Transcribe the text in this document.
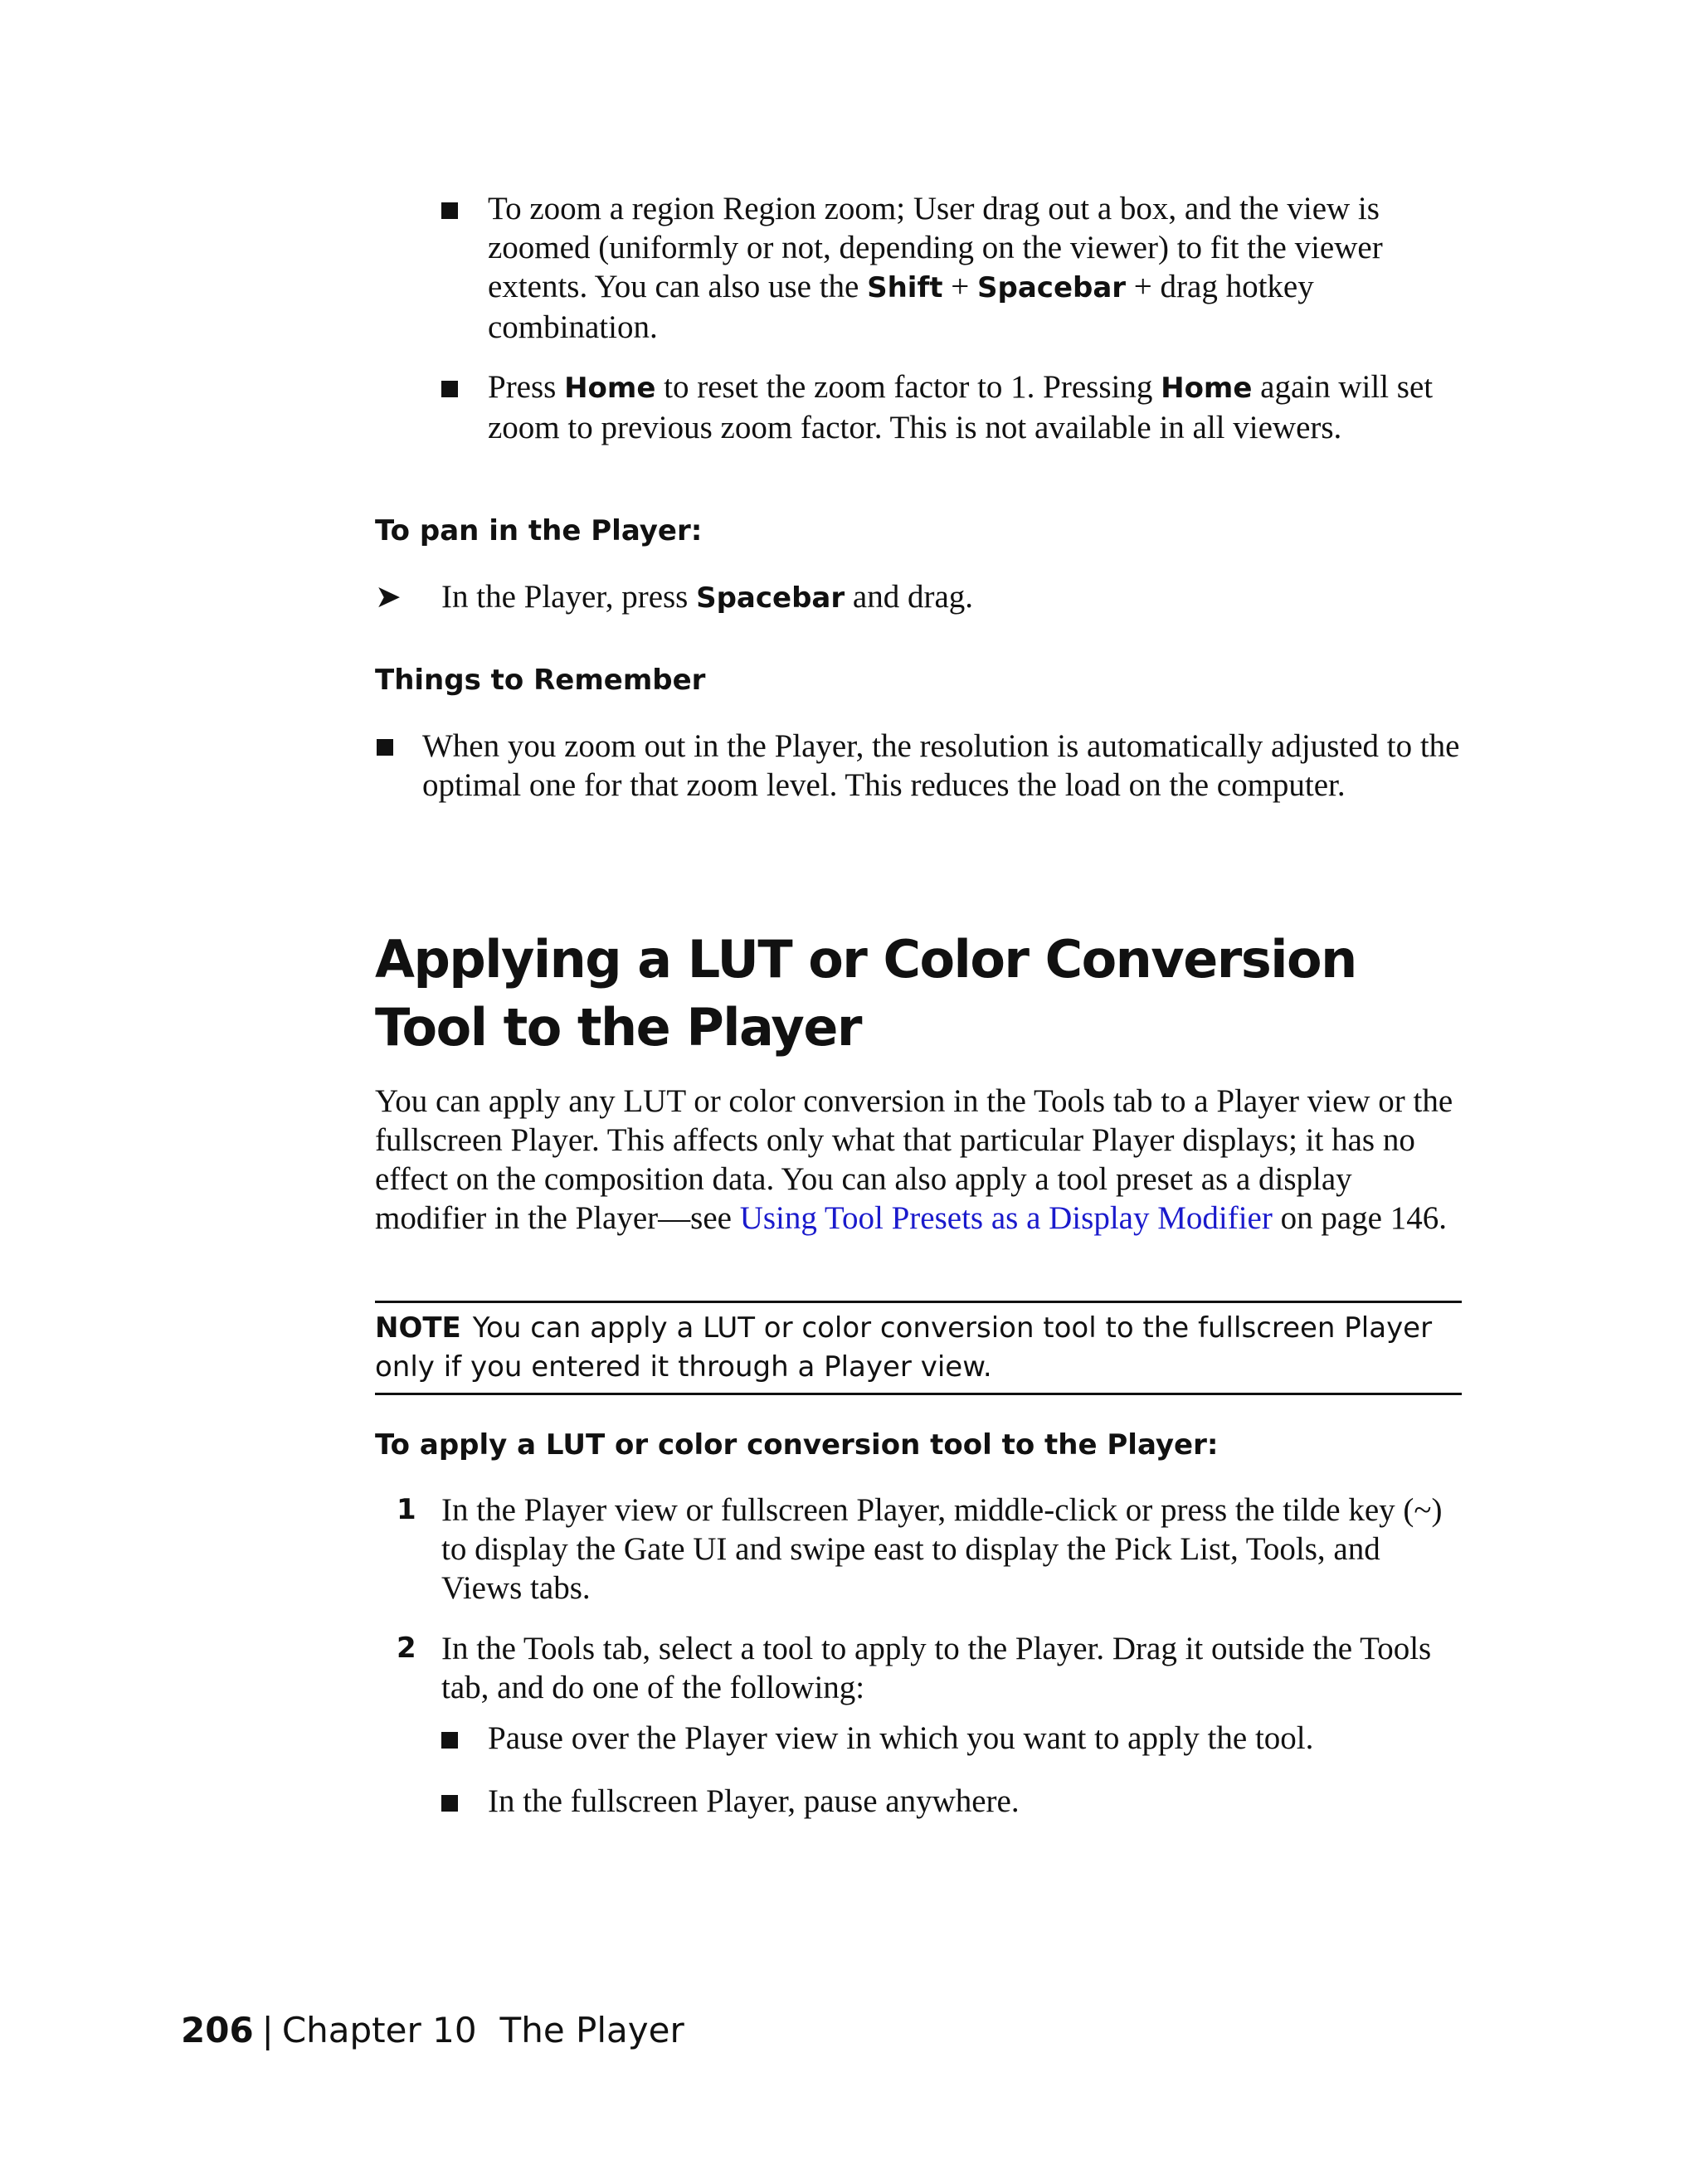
To zoom a region Region zoom; User drag out a box, and the view is zoomed (uniformly or not, depending on the viewer) to fit the viewer extents. You can also use the Shift + Spacebar + drag hotkey combination.
Press Home to reset the zoom factor to 1. Pressing Home again will set zoom to previous zoom factor. This is not available in all viewers.
To pan in the Player:
➤ In the Player, press Spacebar and drag.
Things to Remember
When you zoom out in the Player, the resolution is automatically adjusted to the optimal one for that zoom level. This reduces the load on the computer.
Applying a LUT or Color Conversion Tool to the Player
You can apply any LUT or color conversion in the Tools tab to a Player view or the fullscreen Player. This affects only what that particular Player displays; it has no effect on the composition data. You can also apply a tool preset as a display modifier in the Player—see Using Tool Presets as a Display Modifier on page 146.
NOTE You can apply a LUT or color conversion tool to the fullscreen Player only if you entered it through a Player view.
To apply a LUT or color conversion tool to the Player:
1 In the Player view or fullscreen Player, middle-click or press the tilde key (~) to display the Gate UI and swipe east to display the Pick List, Tools, and Views tabs.
2 In the Tools tab, select a tool to apply to the Player. Drag it outside the Tools tab, and do one of the following:
Pause over the Player view in which you want to apply the tool.
In the fullscreen Player, pause anywhere.
206 | Chapter 10 The Player
